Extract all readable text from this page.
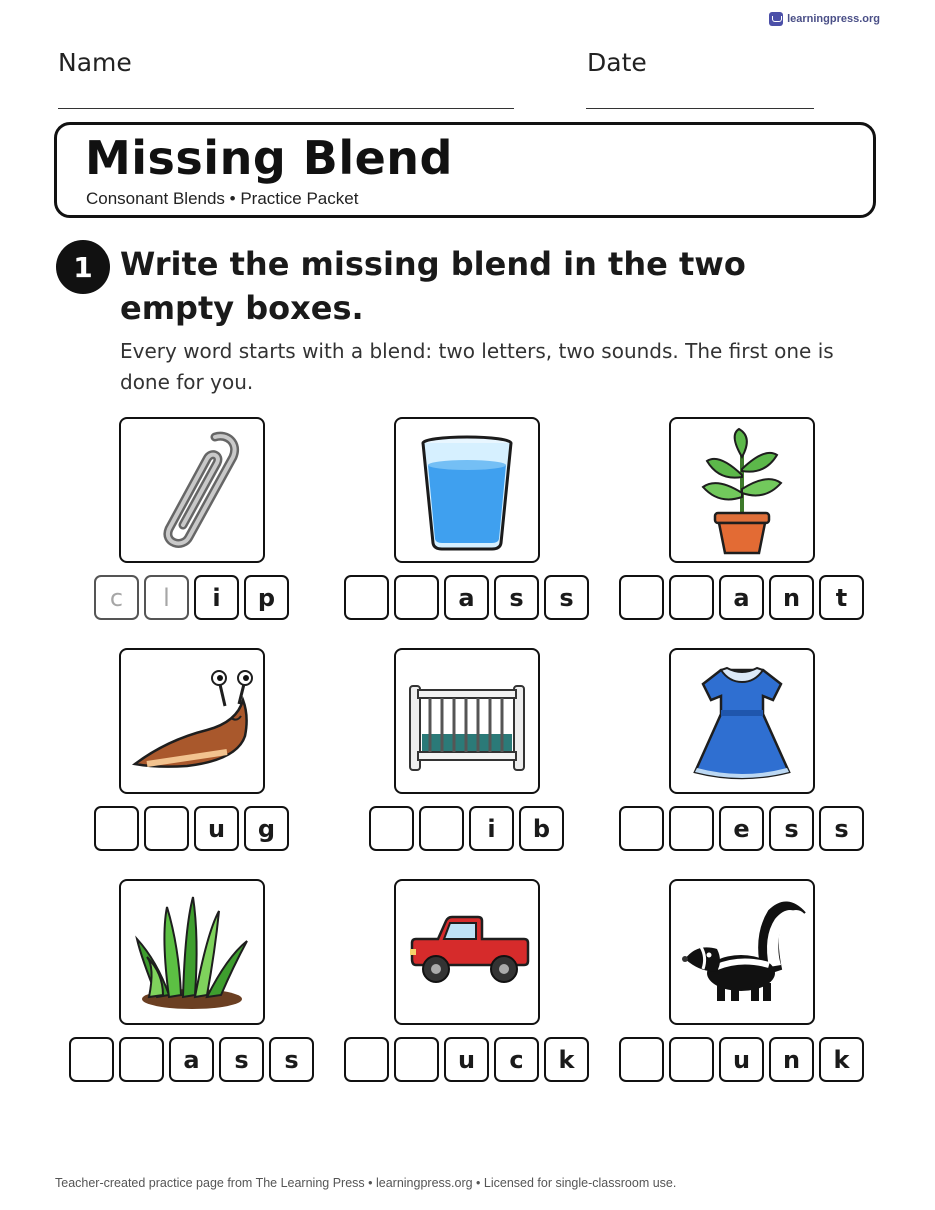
learningpress.org
Name	Date
Missing Blend
Consonant Blends • Practice Packet
1 Write the missing blend in the two empty boxes.

Every word starts with a blend: two letters, two sounds. The first one is done for you.

c	l	i	p	a	s	s	a	n	t
u	g	i	b	e	s	s
a	s	s	u	c	k	u	n	k
Teacher-created practice page from The Learning Press • learningpress.org • Licensed for single-classroom use.
